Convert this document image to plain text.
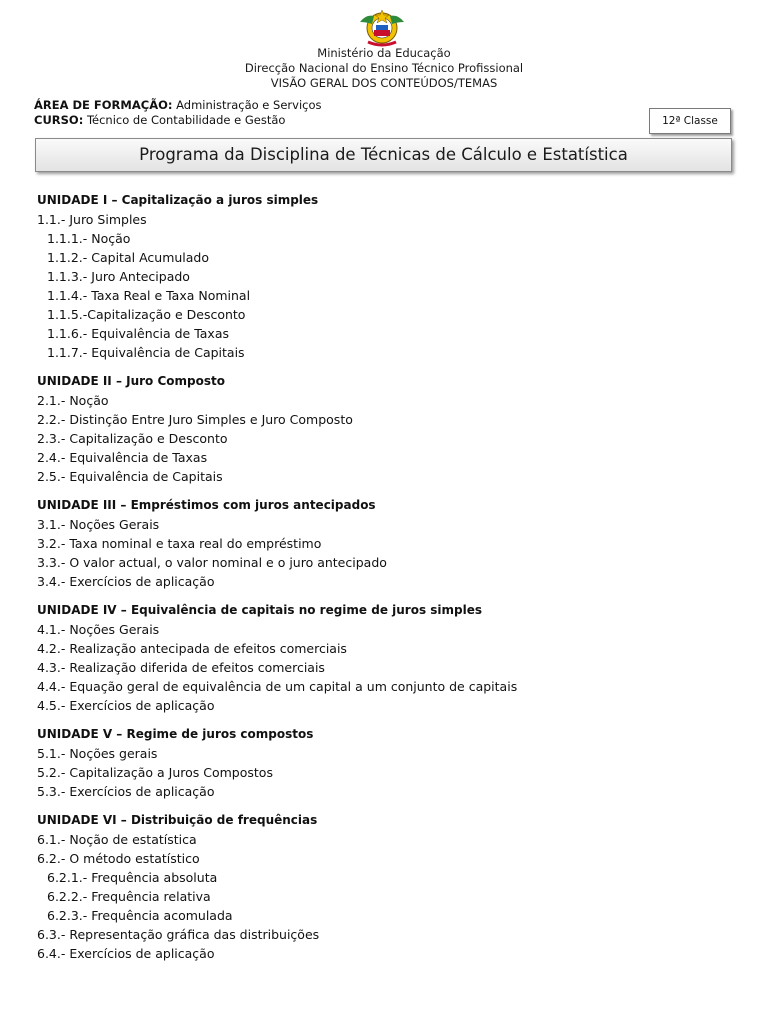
Ministério da Educação
Direcção Nacional do Ensino Técnico Profissional
VISÃO GERAL DOS CONTEÚDOS/TEMAS
ÁREA DE FORMAÇÃO: Administração e Serviços
CURSO: Técnico de Contabilidade e Gestão	12ª Classe
Programa da Disciplina de Técnicas de Cálculo e Estatística
UNIDADE I – Capitalização a juros simples
1.1.- Juro Simples
1.1.1.- Noção
1.1.2.- Capital Acumulado
1.1.3.- Juro Antecipado
1.1.4.- Taxa Real e Taxa Nominal
1.1.5.-Capitalização e Desconto
1.1.6.- Equivalência de Taxas
1.1.7.- Equivalência de Capitais
UNIDADE II – Juro Composto
2.1.- Noção
2.2.- Distinção Entre Juro Simples e Juro Composto
2.3.- Capitalização e Desconto
2.4.- Equivalência de Taxas
2.5.- Equivalência de Capitais
UNIDADE III – Empréstimos com juros antecipados
3.1.- Noções Gerais
3.2.- Taxa nominal e taxa real do empréstimo
3.3.- O valor actual, o valor nominal e o juro antecipado
3.4.- Exercícios de aplicação
UNIDADE IV – Equivalência de capitais no regime de juros simples
4.1.- Noções Gerais
4.2.- Realização antecipada de efeitos comerciais
4.3.- Realização diferida de efeitos comerciais
4.4.- Equação geral de equivalência de um capital a um conjunto de capitais
4.5.- Exercícios de aplicação
UNIDADE V – Regime de juros compostos
5.1.- Noções gerais
5.2.- Capitalização a Juros Compostos
5.3.- Exercícios de aplicação
UNIDADE VI – Distribuição de frequências
6.1.- Noção de estatística
6.2.- O método estatístico
6.2.1.- Frequência absoluta
6.2.2.- Frequência relativa
6.2.3.- Frequência acomulada
6.3.- Representação gráfica das distribuições
6.4.- Exercícios de aplicação
